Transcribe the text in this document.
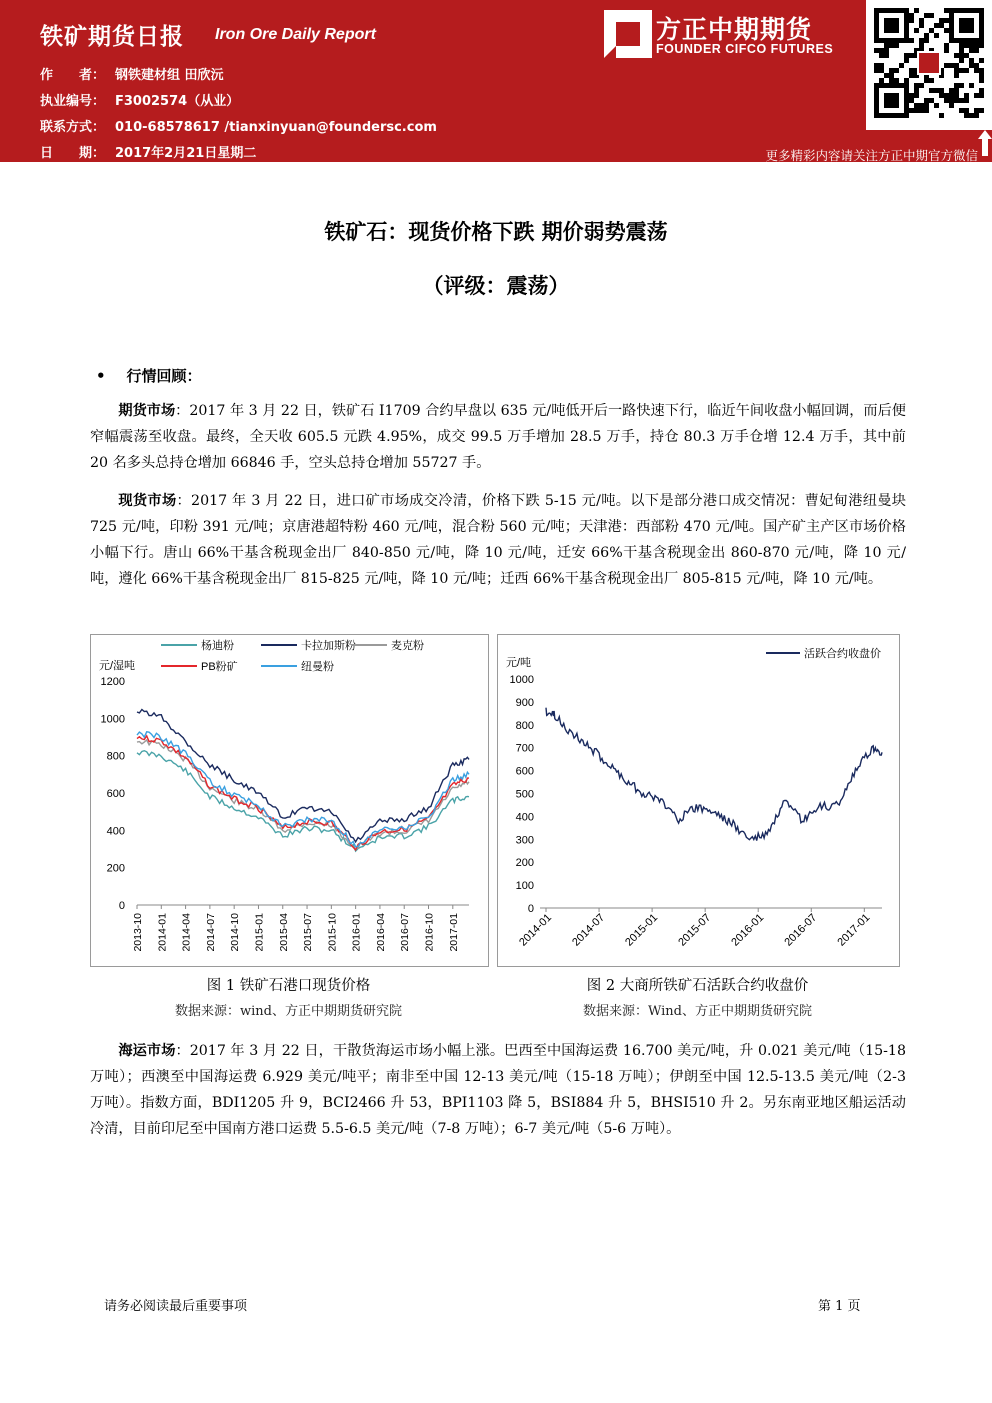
铁矿期货日报 Iron Ore Daily Report
作　　者： 钢铁建材组 田欣沅
执业编号： F3002574（从业）
联系方式： 010-68578617 /tianxinyuan@foundersc.com
日　　期： 2017年2月21日星期二
方正中期期货
FOUNDER CIFCO FUTURES
更多精彩内容请关注方正中期官方微信
铁矿石：现货价格下跌 期价弱势震荡
（评级：震荡）
• 行情回顾：
期货市场：2017 年 3 月 22 日，铁矿石 I1709 合约早盘以 635 元/吨低开后一路快速下行，临近午间收盘小幅回调，而后便窄幅震荡至收盘。最终，全天收 605.5 元跌 4.95%，成交 99.5 万手增加 28.5 万手，持仓 80.3 万手仓增 12.4 万手，其中前 20 名多头总持仓增加 66846 手，空头总持仓增加 55727 手。
现货市场：2017 年 3 月 22 日，进口矿市场成交冷清，价格下跌 5-15 元/吨。以下是部分港口成交情况：曹妃甸港纽曼块 725 元/吨，印粉 391 元/吨；京唐港超特粉 460 元/吨，混合粉 560 元/吨；天津港：西部粉 470 元/吨。国产矿主产区市场价格小幅下行。唐山 66%干基含税现金出厂 840-850 元/吨，降 10 元/吨，迁安 66%干基含税现金出 860-870 元/吨，降 10 元/吨，遵化 66%干基含税现金出厂 815-825 元/吨，降 10 元/吨；迁西 66%干基含税现金出厂 805-815 元/吨，降 10 元/吨。
元/湿吨
0
200
400
600
800
1000
1200
2013-10 2014-01 2014-04 2014-07 2014-10 2015-01 2015-04 2015-07 2015-10 2016-01 2016-04 2016-07 2016-10 2017-01
杨迪粉	卡拉加斯粉	麦克粉
PB粉矿	纽曼粉
图 1 铁矿石港口现货价格
数据来源：wind、方正中期期货研究院
元/吨
0
100
200
300
400
500
600
700
800
900
1000
2014-01 2014-07 2015-01 2015-07 2016-01 2016-07 2017-01
活跃合约收盘价
图 2 大商所铁矿石活跃合约收盘价
数据来源：Wind、方正中期期货研究院
海运市场：2017 年 3 月 22 日，干散货海运市场小幅上涨。巴西至中国海运费 16.700 美元/吨，升 0.021 美元/吨（15-18 万吨）；西澳至中国海运费 6.929 美元/吨平；南非至中国 12-13 美元/吨（15-18 万吨）；伊朗至中国 12.5-13.5 美元/吨（2-3 万吨）。指数方面，BDI1205 升 9，BCI2466 升 53，BPI1103 降 5，BSI884 升 5，BHSI510 升 2。另东南亚地区船运活动冷清，目前印尼至中国南方港口运费 5.5-6.5 美元/吨（7-8 万吨）；6-7 美元/吨（5-6 万吨）。
请务必阅读最后重要事项	第 1 页
